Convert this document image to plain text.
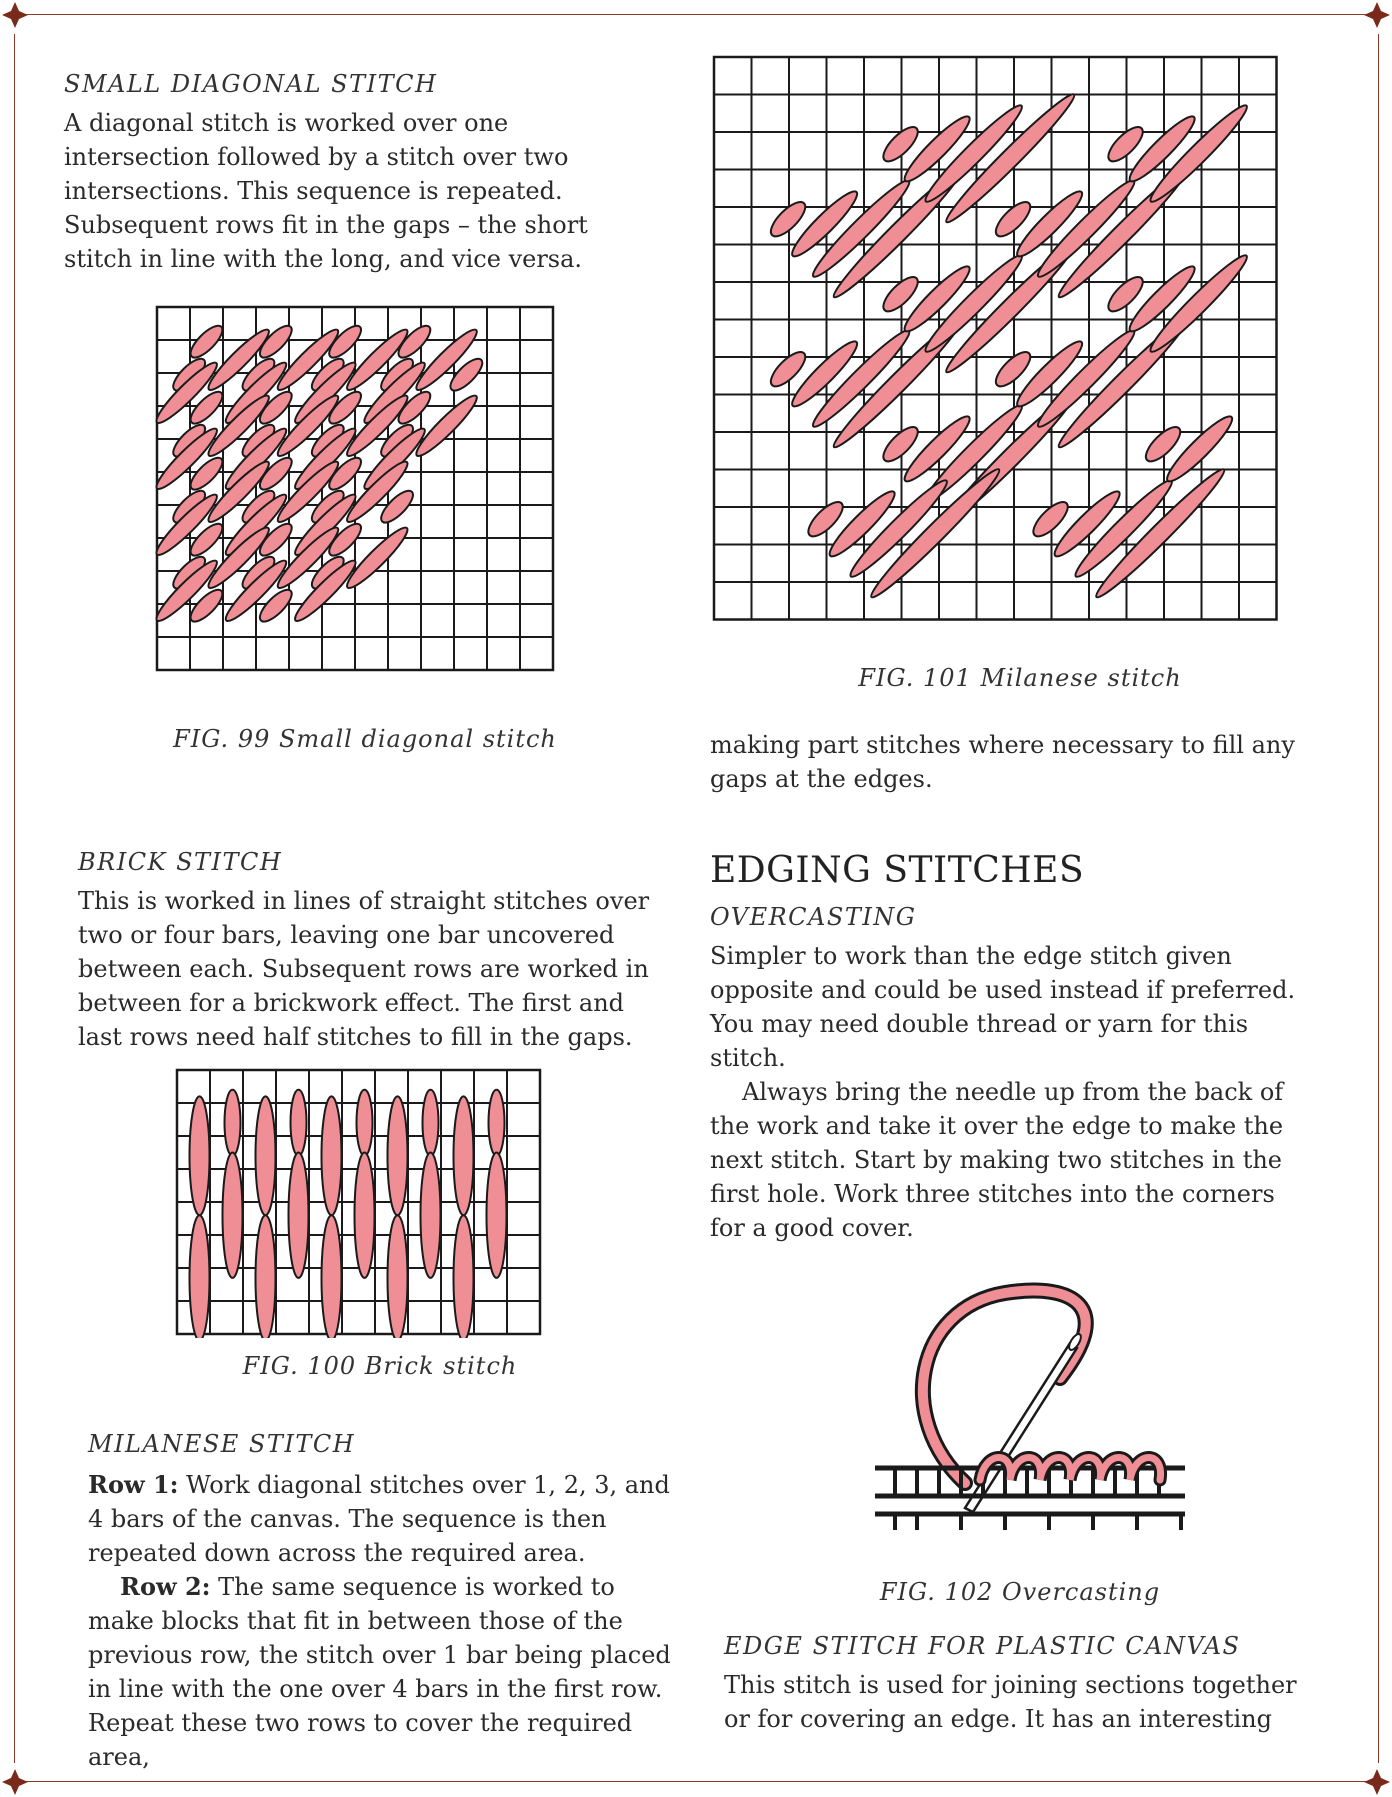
SMALL DIAGONAL STITCH

A diagonal stitch is worked over one intersection followed by a stitch over two intersections. This sequence is repeated. Subsequent rows fit in the gaps – the short stitch in line with the long, and vice versa.

FIG. 99 Small diagonal stitch

BRICK STITCH

This is worked in lines of straight stitches over two or four bars, leaving one bar uncovered between each. Subsequent rows are worked in between for a brickwork effect. The first and last rows need half stitches to fill in the gaps.

FIG. 100 Brick stitch

MILANESE STITCH

Row 1: Work diagonal stitches over 1, 2, 3, and 4 bars of the canvas. The sequence is then repeated down across the required area.

Row 2: The same sequence is worked to make blocks that fit in between those of the previous row, the stitch over 1 bar being placed in line with the one over 4 bars in the first row. Repeat these two rows to cover the required area,

FIG. 101 Milanese stitch

making part stitches where necessary to fill any gaps at the edges.

EDGING STITCHES

OVERCASTING

Simpler to work than the edge stitch given opposite and could be used instead if preferred. You may need double thread or yarn for this stitch.

Always bring the needle up from the back of the work and take it over the edge to make the next stitch. Start by making two stitches in the first hole. Work three stitches into the corners for a good cover.

FIG. 102 Overcasting

EDGE STITCH FOR PLASTIC CANVAS

This stitch is used for joining sections together or for covering an edge. It has an interesting
